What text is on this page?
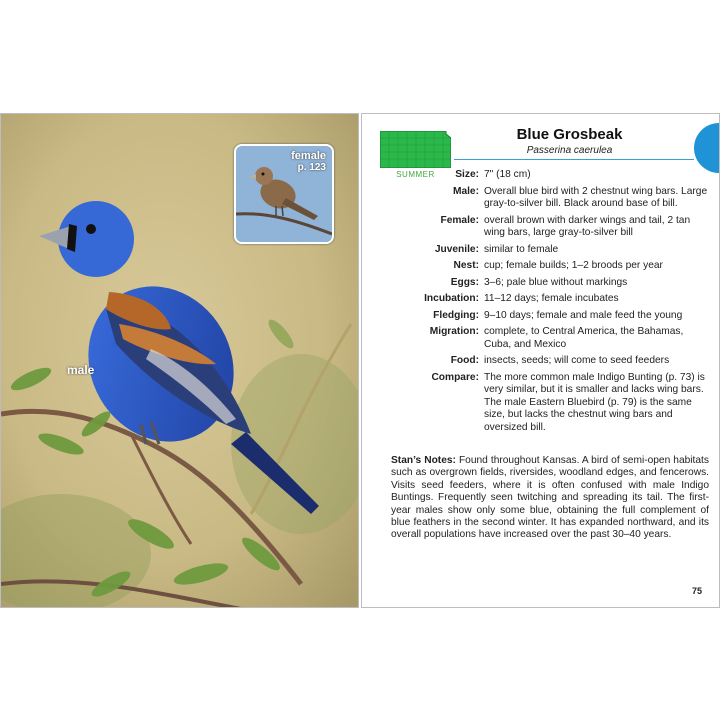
male
female
p. 123
SUMMER
Blue Grosbeak
Passerina caerulea
Size: 7" (18 cm)
Male: Overall blue bird with 2 chestnut wing bars. Large gray-to-silver bill. Black around base of bill.
Female: overall brown with darker wings and tail, 2 tan wing bars, large gray-to-silver bill
Juvenile: similar to female
Nest: cup; female builds; 1–2 broods per year
Eggs: 3–6; pale blue without markings
Incubation: 11–12 days; female incubates
Fledging: 9–10 days; female and male feed the young
Migration: complete, to Central America, the Bahamas, Cuba, and Mexico
Food: insects, seeds; will come to seed feeders
Compare: The more common male Indigo Bunting (p. 73) is very similar, but it is smaller and lacks wing bars. The male Eastern Bluebird (p. 79) is the same size, but lacks the chestnut wing bars and oversized bill.
Stan’s Notes: Found throughout Kansas. A bird of semi-open habitats such as overgrown fields, riversides, woodland edges, and fencerows. Visits seed feeders, where it is often confused with male Indigo Buntings. Frequently seen twitching and spreading its tail. The first-year males show only some blue, obtaining the full complement of blue feathers in the second winter. It has expanded northward, and its overall populations have increased over the past 30–40 years.
75
